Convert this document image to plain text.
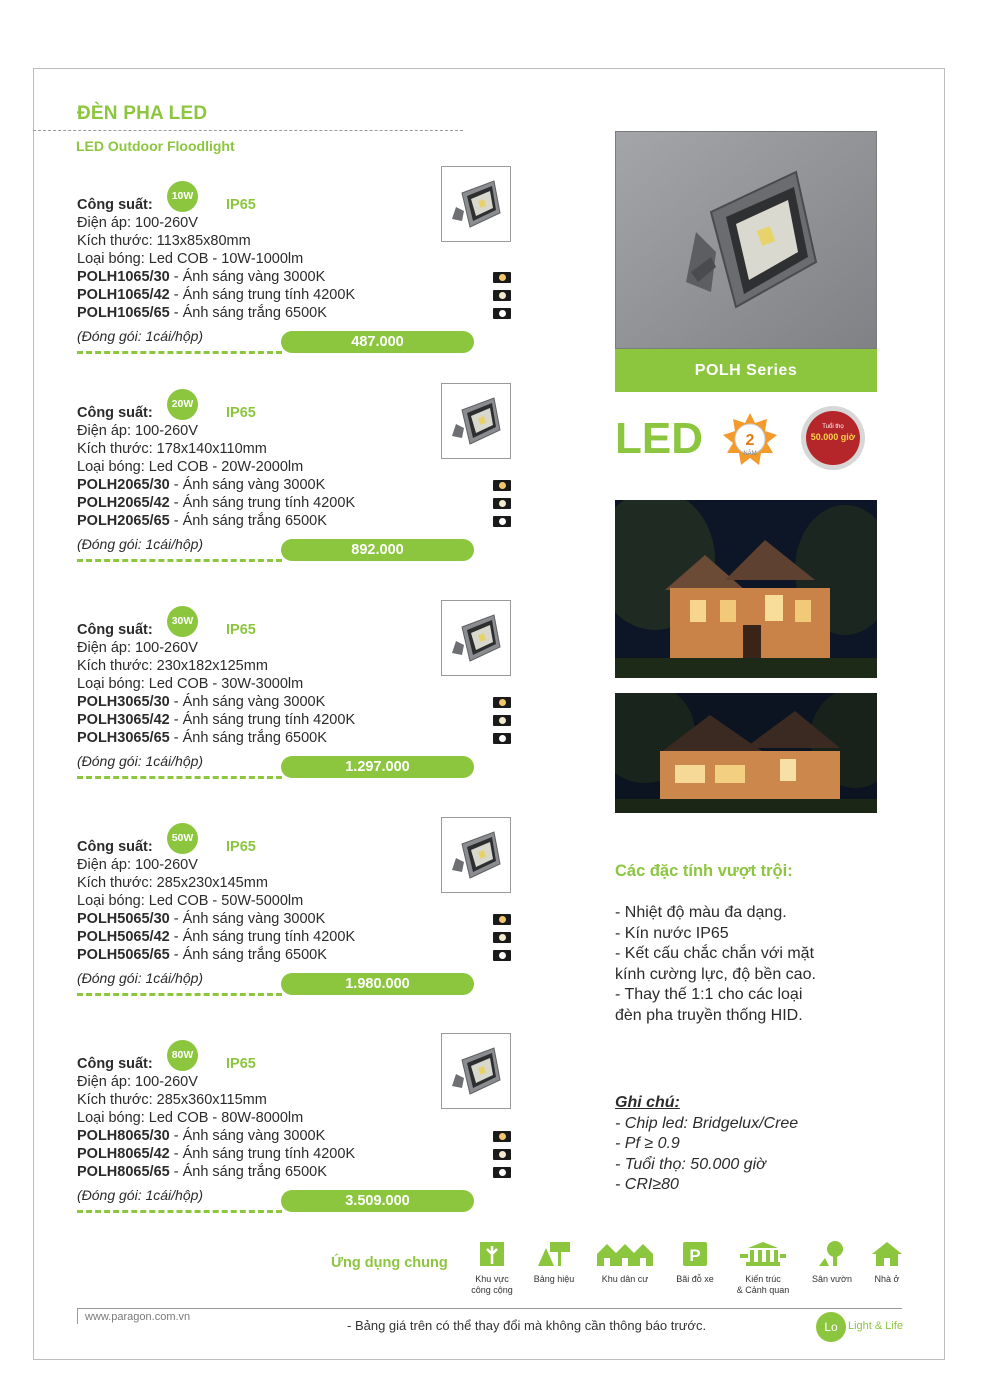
ĐÈN PHA LED
LED Outdoor Floodlight
Công suất:
10W
IP65
Điện áp: 100-260V
Kích thước: 113x85x80mm
Loại bóng: Led COB - 10W-1000lm
POLH1065/30 - Ánh sáng vàng 3000K
POLH1065/42 - Ánh sáng trung tính 4200K
POLH1065/65 - Ánh sáng trắng 6500K
(Đóng gói: 1cái/hộp)	487.000
Công suất:
20W
IP65
Điện áp: 100-260V
Kích thước: 178x140x110mm
Loại bóng: Led COB - 20W-2000lm
POLH2065/30 - Ánh sáng vàng 3000K
POLH2065/42 - Ánh sáng trung tính 4200K
POLH2065/65 - Ánh sáng trắng 6500K
(Đóng gói: 1cái/hộp)	892.000
Công suất:
30W
IP65
Điện áp: 100-260V
Kích thước: 230x182x125mm
Loại bóng: Led COB - 30W-3000lm
POLH3065/30 - Ánh sáng vàng 3000K
POLH3065/42 - Ánh sáng trung tính 4200K
POLH3065/65 - Ánh sáng trắng 6500K
(Đóng gói: 1cái/hộp)	1.297.000
Công suất:
50W
IP65
Điện áp: 100-260V
Kích thước: 285x230x145mm
Loại bóng: Led COB - 50W-5000lm
POLH5065/30 - Ánh sáng vàng 3000K
POLH5065/42 - Ánh sáng trung tính 4200K
POLH5065/65 - Ánh sáng trắng 6500K
(Đóng gói: 1cái/hộp)	1.980.000
Công suất:
80W
IP65
Điện áp: 100-260V
Kích thước: 285x360x115mm
Loại bóng: Led COB - 80W-8000lm
POLH8065/30 - Ánh sáng vàng 3000K
POLH8065/42 - Ánh sáng trung tính 4200K
POLH8065/65 - Ánh sáng trắng 6500K
(Đóng gói: 1cái/hộp)	3.509.000
POLH Series
LED	2
NĂM
Tuổi thọ
50.000 giờ
Các đặc tính vượt trội:
- Nhiệt độ màu đa dạng.
- Kín nước IP65
- Kết cấu chắc chắn với mặt
kính cường lực, độ bền cao.
- Thay thế 1:1 cho các loại
đèn pha truyền thống HID.
Ghi chú:
- Chip led: Bridgelux/Cree
- Pf ≥ 0.9
- Tuổi thọ: 50.000 giờ
- CRI≥80
Ứng dụng chung
Khu vực
công cộng
Bảng hiệu	Khu dân cư
P
Bãi đỗ xe	Kiến trúc
& Cảnh quan
Sân vườn	Nhà ở
www.paragon.com.vn
- Bảng giá trên có thể thay đổi mà không cần thông báo trước.	Lo Light & Life
